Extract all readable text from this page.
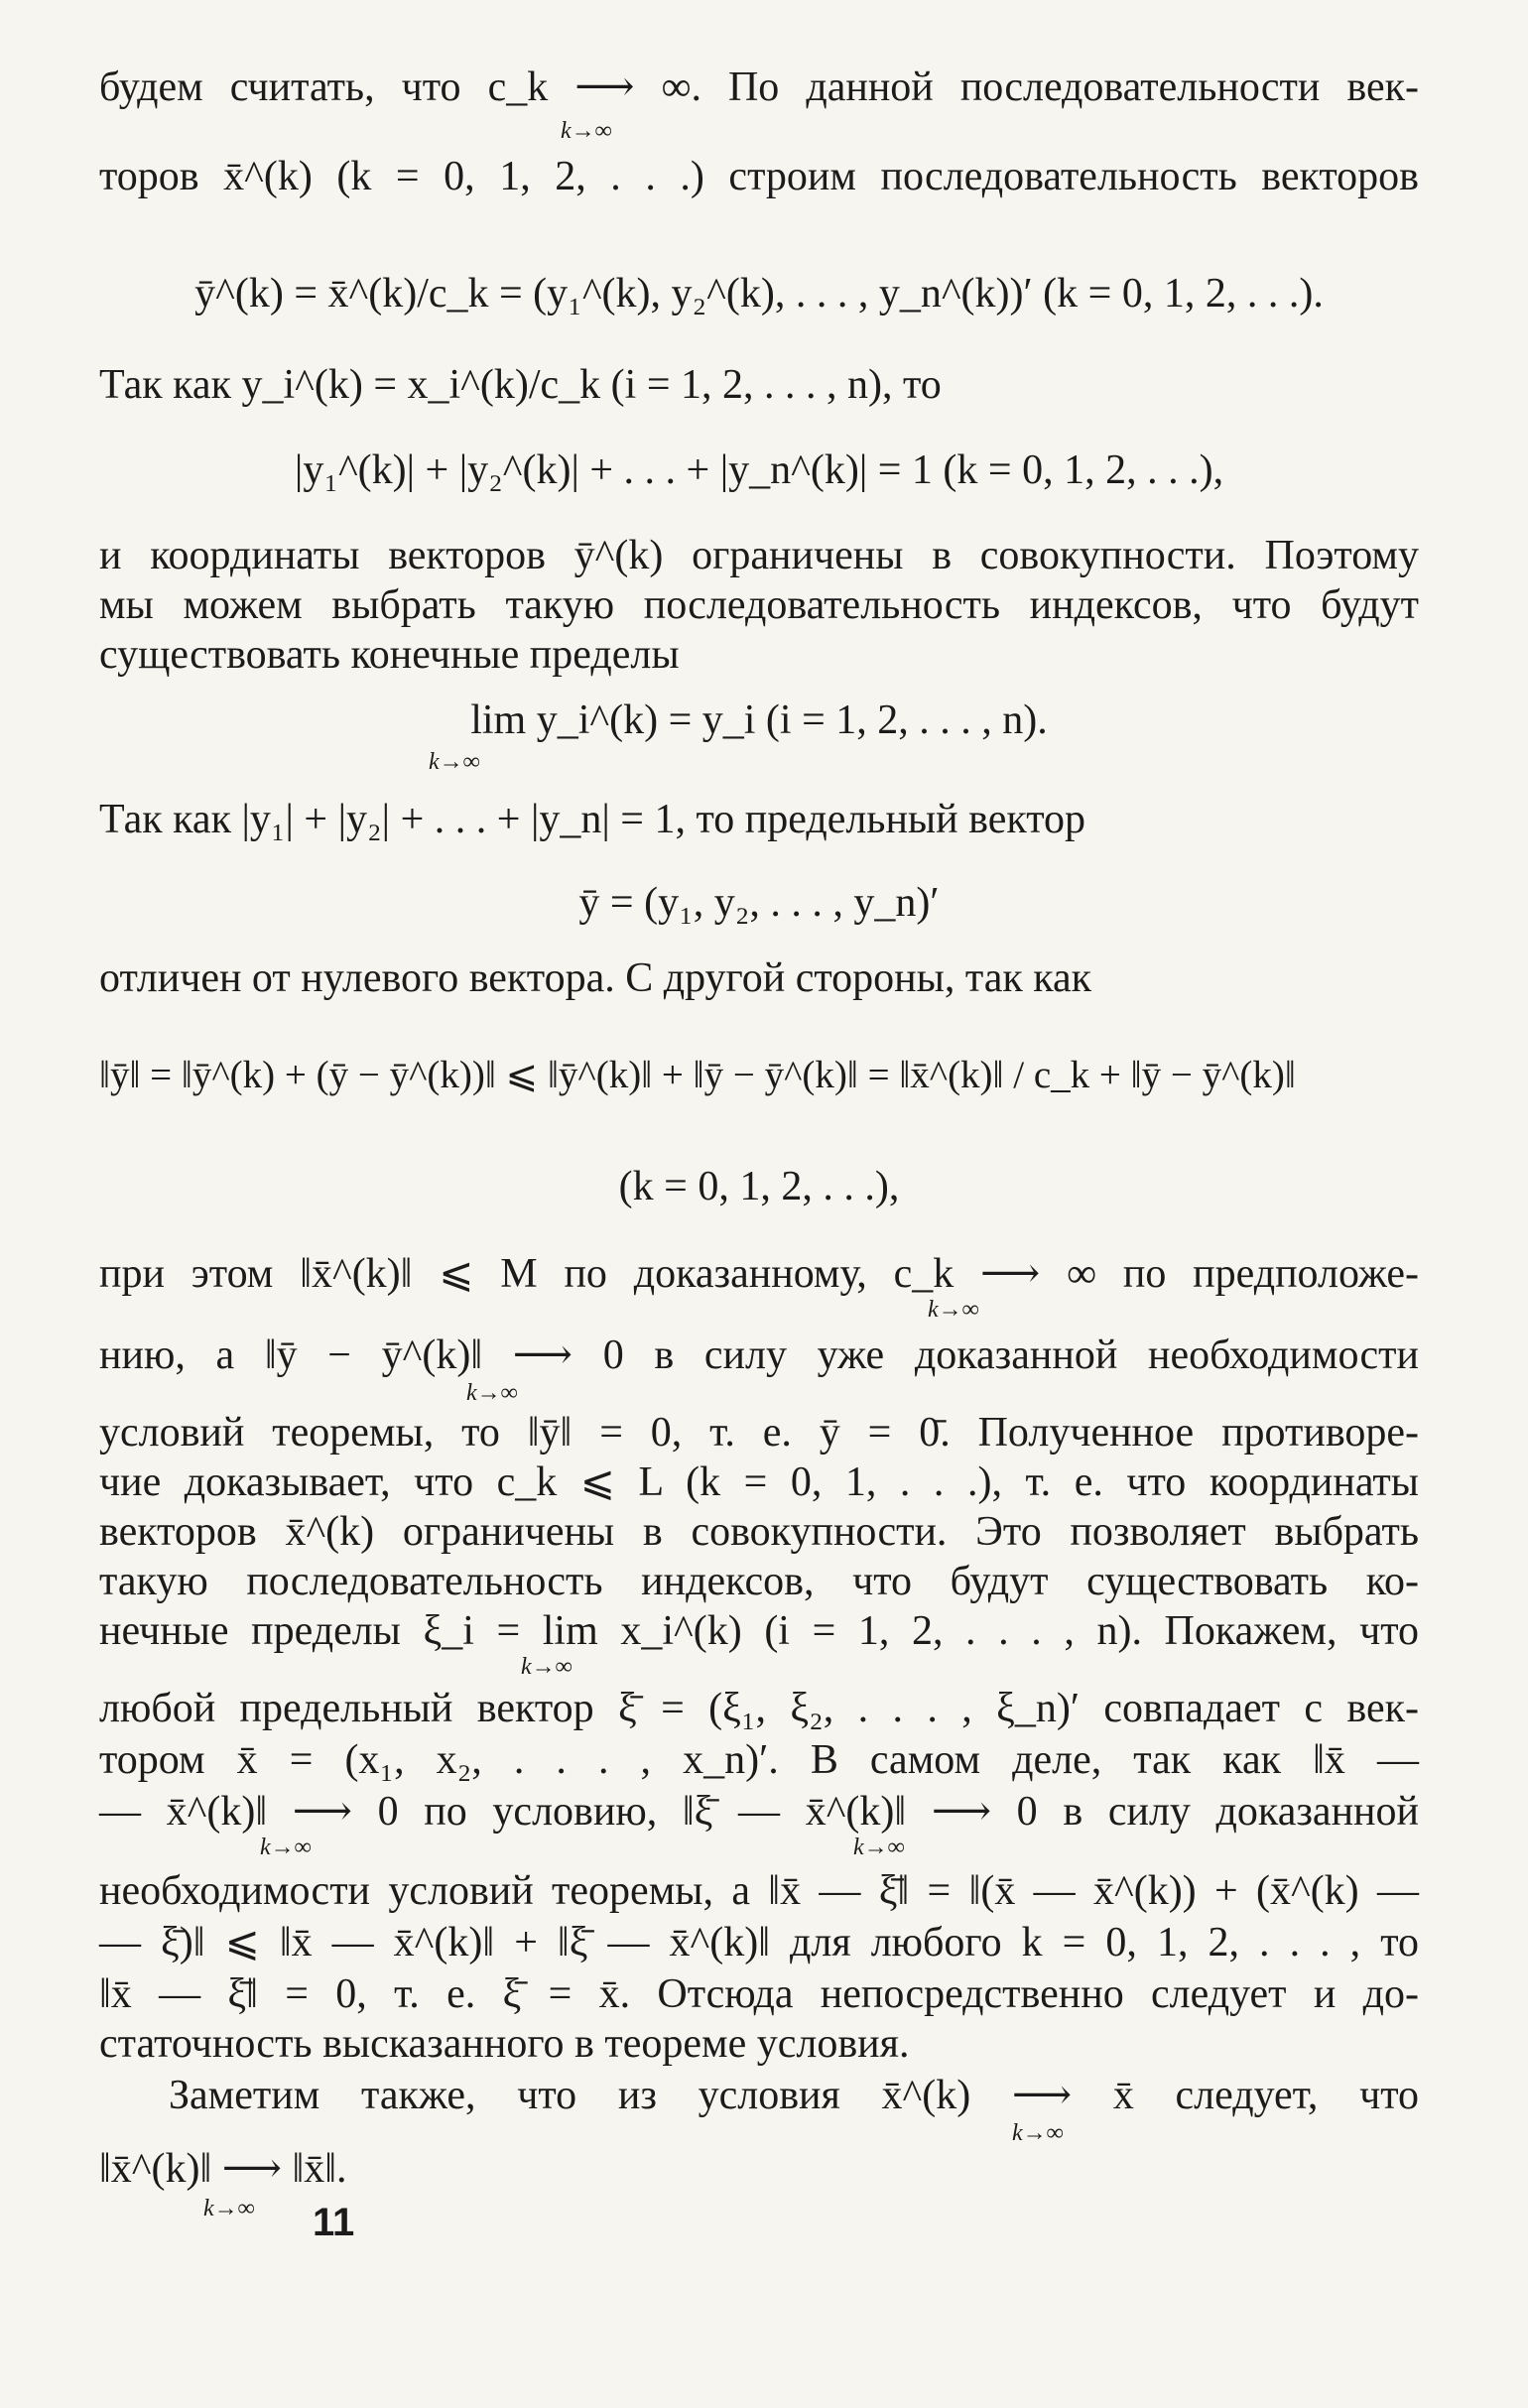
будем считать, что c_k ⟶ ∞. По данной последовательности век-
k→∞
торов x̄^(k) (k = 0, 1, 2, . . .) строим последовательность векторов
ȳ^(k) = x̄^(k)/c_k = (y₁^(k), y₂^(k), . . . , y_n^(k))′ (k = 0, 1, 2, . . .).
Так как y_i^(k) = x_i^(k)/c_k (i = 1, 2, . . . , n), то
|y₁^(k)| + |y₂^(k)| + . . . + |y_n^(k)| = 1 (k = 0, 1, 2, . . .),
и координаты векторов ȳ^(k) ограничены в совокупности. Поэтому
мы можем выбрать такую последовательность индексов, что будут
существовать конечные пределы
lim y_i^(k) = y_i (i = 1, 2, . . . , n).
k→∞
Так как |y₁| + |y₂| + . . . + |y_n| = 1, то предельный вектор
ȳ = (y₁, y₂, . . . , y_n)′
отличен от нулевого вектора. С другой стороны, так как
‖ȳ‖ = ‖ȳ^(k) + (ȳ − ȳ^(k))‖ ⩽ ‖ȳ^(k)‖ + ‖ȳ − ȳ^(k)‖ = ‖x̄^(k)‖ / c_k + ‖ȳ − ȳ^(k)‖
(k = 0, 1, 2, . . .),
при этом ‖x̄^(k)‖ ⩽ M по доказанному, c_k ⟶ ∞ по предположе-
k→∞
нию, а ‖ȳ − ȳ^(k)‖ ⟶ 0 в силу уже доказанной необходимости
k→∞
условий теоремы, то ‖ȳ‖ = 0, т. е. ȳ = 0̄. Полученное противоре-
чие доказывает, что c_k ⩽ L (k = 0, 1, . . .), т. е. что координаты
векторов x̄^(k) ограничены в совокупности. Это позволяет выбрать
такую последовательность индексов, что будут существовать ко-
нечные пределы ξ_i = lim x_i^(k) (i = 1, 2, . . . , n). Покажем, что
k→∞
любой предельный вектор ξ̄ = (ξ₁, ξ₂, . . . , ξ_n)′ совпадает с век-
тором x̄ = (x₁, x₂, . . . , x_n)′. В самом деле, так как ‖x̄ —
— x̄^(k)‖ ⟶ 0 по условию, ‖ξ̄ — x̄^(k)‖ ⟶ 0 в силу доказанной
k→∞	k→∞
необходимости условий теоремы, а ‖x̄ — ξ̄‖ = ‖(x̄ — x̄^(k)) + (x̄^(k) —
— ξ̄)‖ ⩽ ‖x̄ — x̄^(k)‖ + ‖ξ̄ — x̄^(k)‖ для любого k = 0, 1, 2, . . . , то
‖x̄ — ξ̄‖ = 0, т. е. ξ̄ = x̄. Отсюда непосредственно следует и до-
статочность высказанного в теореме условия.
Заметим также, что из условия x̄^(k) ⟶ x̄ следует, что
k→∞
‖x̄^(k)‖ ⟶ ‖x̄‖.
k→∞ 11
